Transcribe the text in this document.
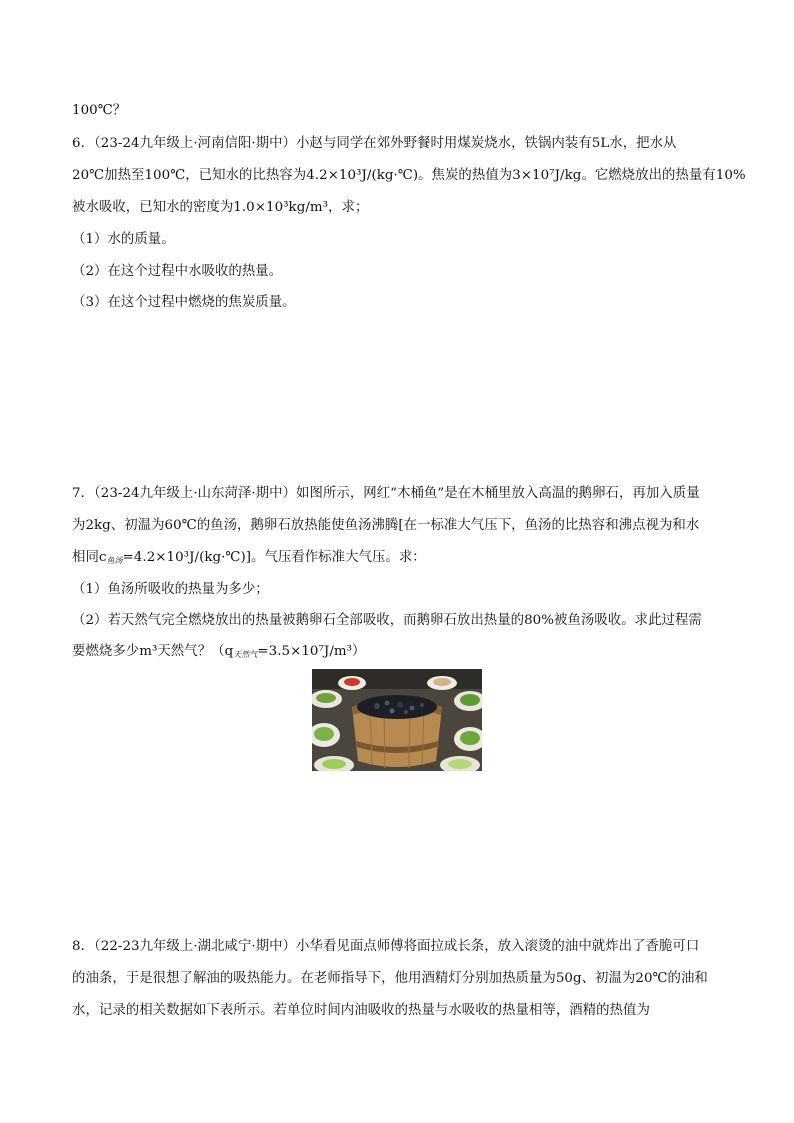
100℃？
6．（23-24九年级上·河南信阳·期中）小赵与同学在郊外野餐时用煤炭烧水，铁锅内装有5L水，把水从
20℃加热至100℃，已知水的比热容为4.2×10³J/(kg·℃)。焦炭的热值为3×10⁷J/kg。它燃烧放出的热量有10%
被水吸收，已知水的密度为1.0×10³kg/m³，求；
（1）水的质量。
（2）在这个过程中水吸收的热量。
（3）在这个过程中燃烧的焦炭质量。
7．（23-24九年级上·山东菏泽·期中）如图所示，网红“木桶鱼”是在木桶里放入高温的鹅卵石，再加入质量
为2kg、初温为60℃的鱼汤，鹅卵石放热能使鱼汤沸腾[在一标准大气压下，鱼汤的比热容和沸点视为和水
相同$c_{鱼汤}=4.2\times 10^3J/(kg\cdot℃)$]。气压看作标准大气压。求：
（1）鱼汤所吸收的热量为多少；
（2）若天然气完全燃烧放出的热量被鹅卵石全部吸收，而鹅卵石放出热量的80%被鱼汤吸收。求此过程需
要燃烧多少m³天然气？$(q_{天然气}=3.5\times 10^7J/m^3)$
8．（22-23九年级上·湖北咸宁·期中）小华看见面点师傅将面拉成长条，放入滚烫的油中就炸出了香脆可口
的油条，于是很想了解油的吸热能力。在老师指导下，他用酒精灯分别加热质量为50g、初温为20℃的油和
水，记录的相关数据如下表所示。若单位时间内油吸收的热量与水吸收的热量相等，酒精的热值为
